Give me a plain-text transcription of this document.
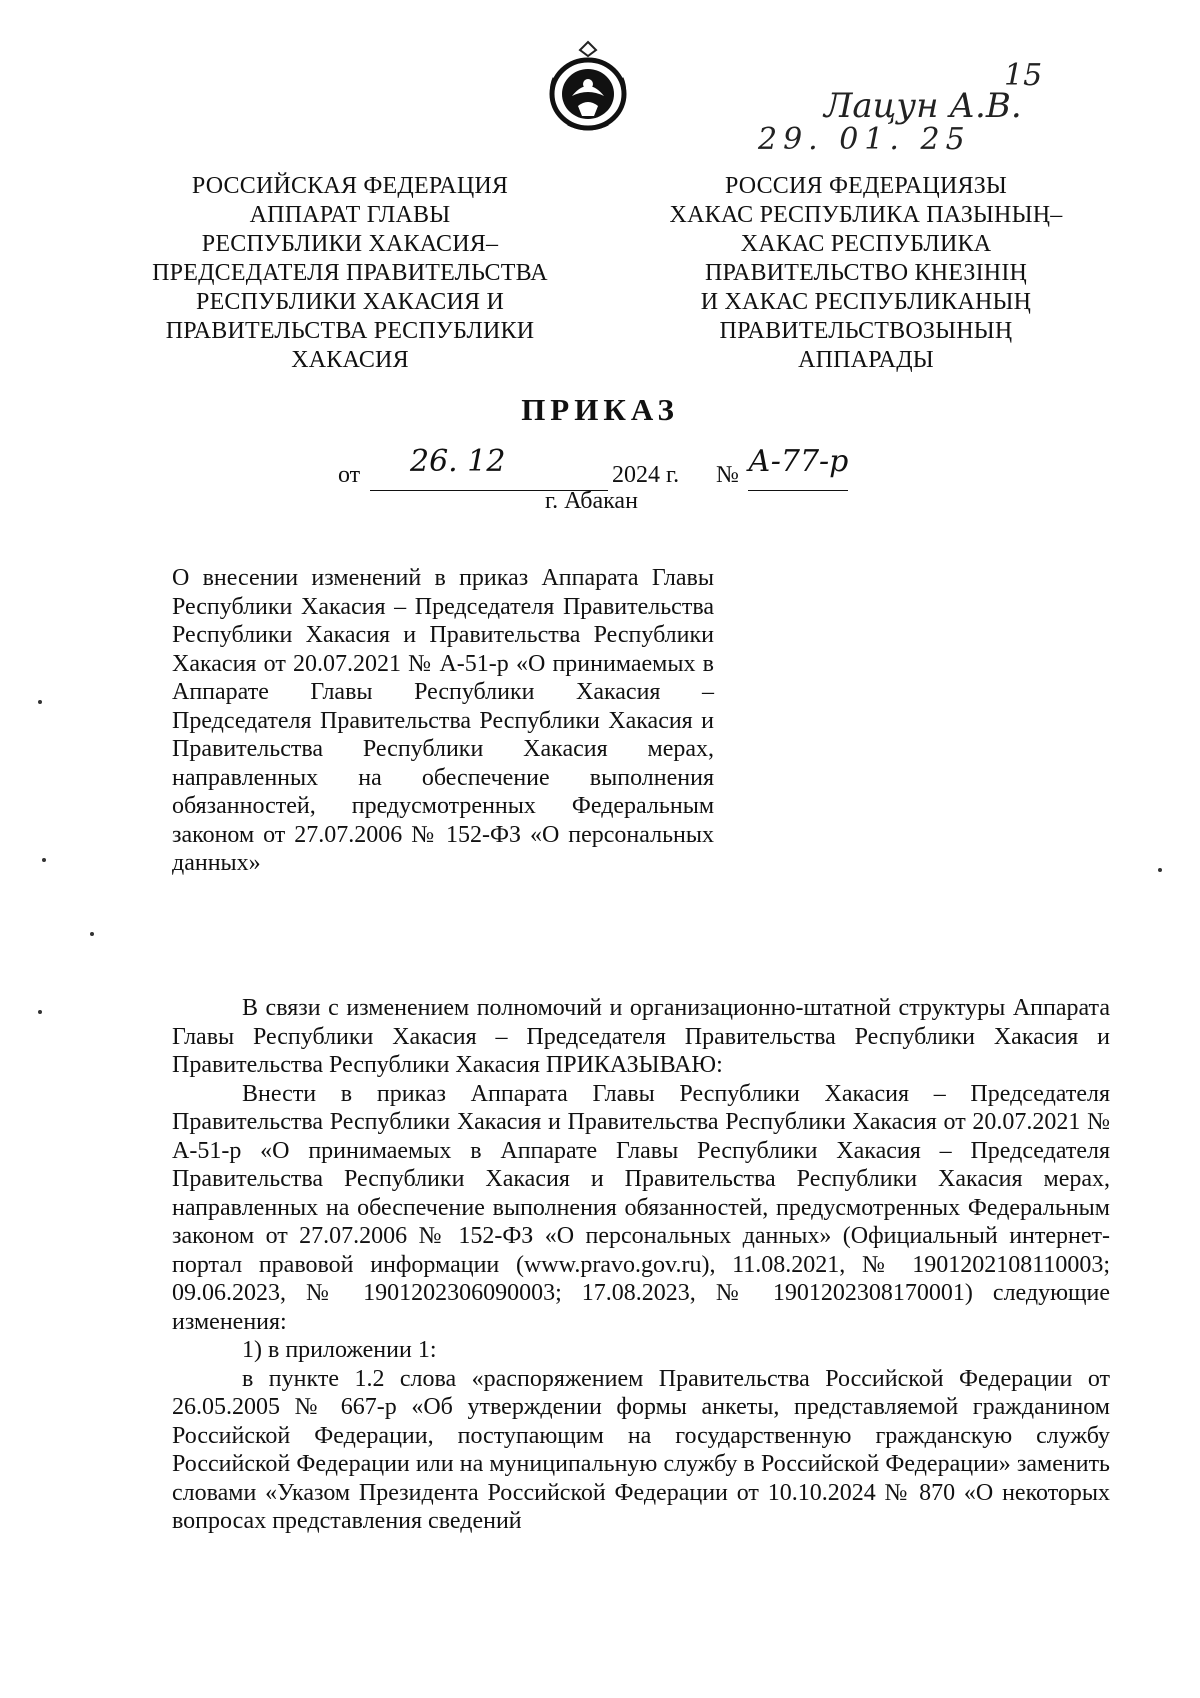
15
Лацун А.В.
29. 01. 25
РОССИЙСКАЯ ФЕДЕРАЦИЯ
АППАРАТ ГЛАВЫ
РЕСПУБЛИКИ ХАКАСИЯ–
ПРЕДСЕДАТЕЛЯ ПРАВИТЕЛЬСТВА
РЕСПУБЛИКИ ХАКАСИЯ И
ПРАВИТЕЛЬСТВА РЕСПУБЛИКИ
ХАКАСИЯ
РОССИЯ ФЕДЕРАЦИЯЗЫ
ХАКАС РЕСПУБЛИКА ПАЗЫНЫҢ–
ХАКАС РЕСПУБЛИКА
ПРАВИТЕЛЬСТВО КНЕЗІНІҢ
И ХАКАС РЕСПУБЛИКАНЫҢ
ПРАВИТЕЛЬСТВОЗЫНЫҢ
АППАРАДЫ
ПРИКАЗ
от 26. 12	2024 г. № А-77-р
г. Абакан
О внесении изменений в приказ Аппарата Главы Республики Хакасия – Председателя Правительства Республики Хакасия и Правительства Республики Хакасия от 20.07.2021 № А-51-р «О принимаемых в Аппарате Главы Республики Хакасия – Председателя Правительства Республики Хакасия и Правительства Республики Хакасия мерах, направленных на обеспечение выполнения обязанностей, предусмотренных Федеральным законом от 27.07.2006 № 152-ФЗ «О персональных данных»

В связи с изменением полномочий и организационно-штатной структуры Аппарата Главы Республики Хакасия – Председателя Правительства Республики Хакасия и Правительства Республики Хакасия ПРИКАЗЫВАЮ:

Внести в приказ Аппарата Главы Республики Хакасия – Председателя Правительства Республики Хакасия и Правительства Республики Хакасия от 20.07.2021 № А-51-р «О принимаемых в Аппарате Главы Республики Хакасия – Председателя Правительства Республики Хакасия и Правительства Республики Хакасия мерах, направленных на обеспечение выполнения обязанностей, предусмотренных Федеральным законом от 27.07.2006 № 152-ФЗ «О персональных данных» (Официальный интернет-портал правовой информации (www.pravo.gov.ru), 11.08.2021, № 1901202108110003; 09.06.2023, № 1901202306090003; 17.08.2023, № 1901202308170001) следующие изменения:

1) в приложении 1:

в пункте 1.2 слова «распоряжением Правительства Российской Федерации от 26.05.2005 № 667-р «Об утверждении формы анкеты, представляемой гражданином Российской Федерации, поступающим на государственную гражданскую службу Российской Федерации или на муниципальную службу в Российской Федерации» заменить словами «Указом Президента Российской Федерации от 10.10.2024 № 870 «О некоторых вопросах представления сведений
